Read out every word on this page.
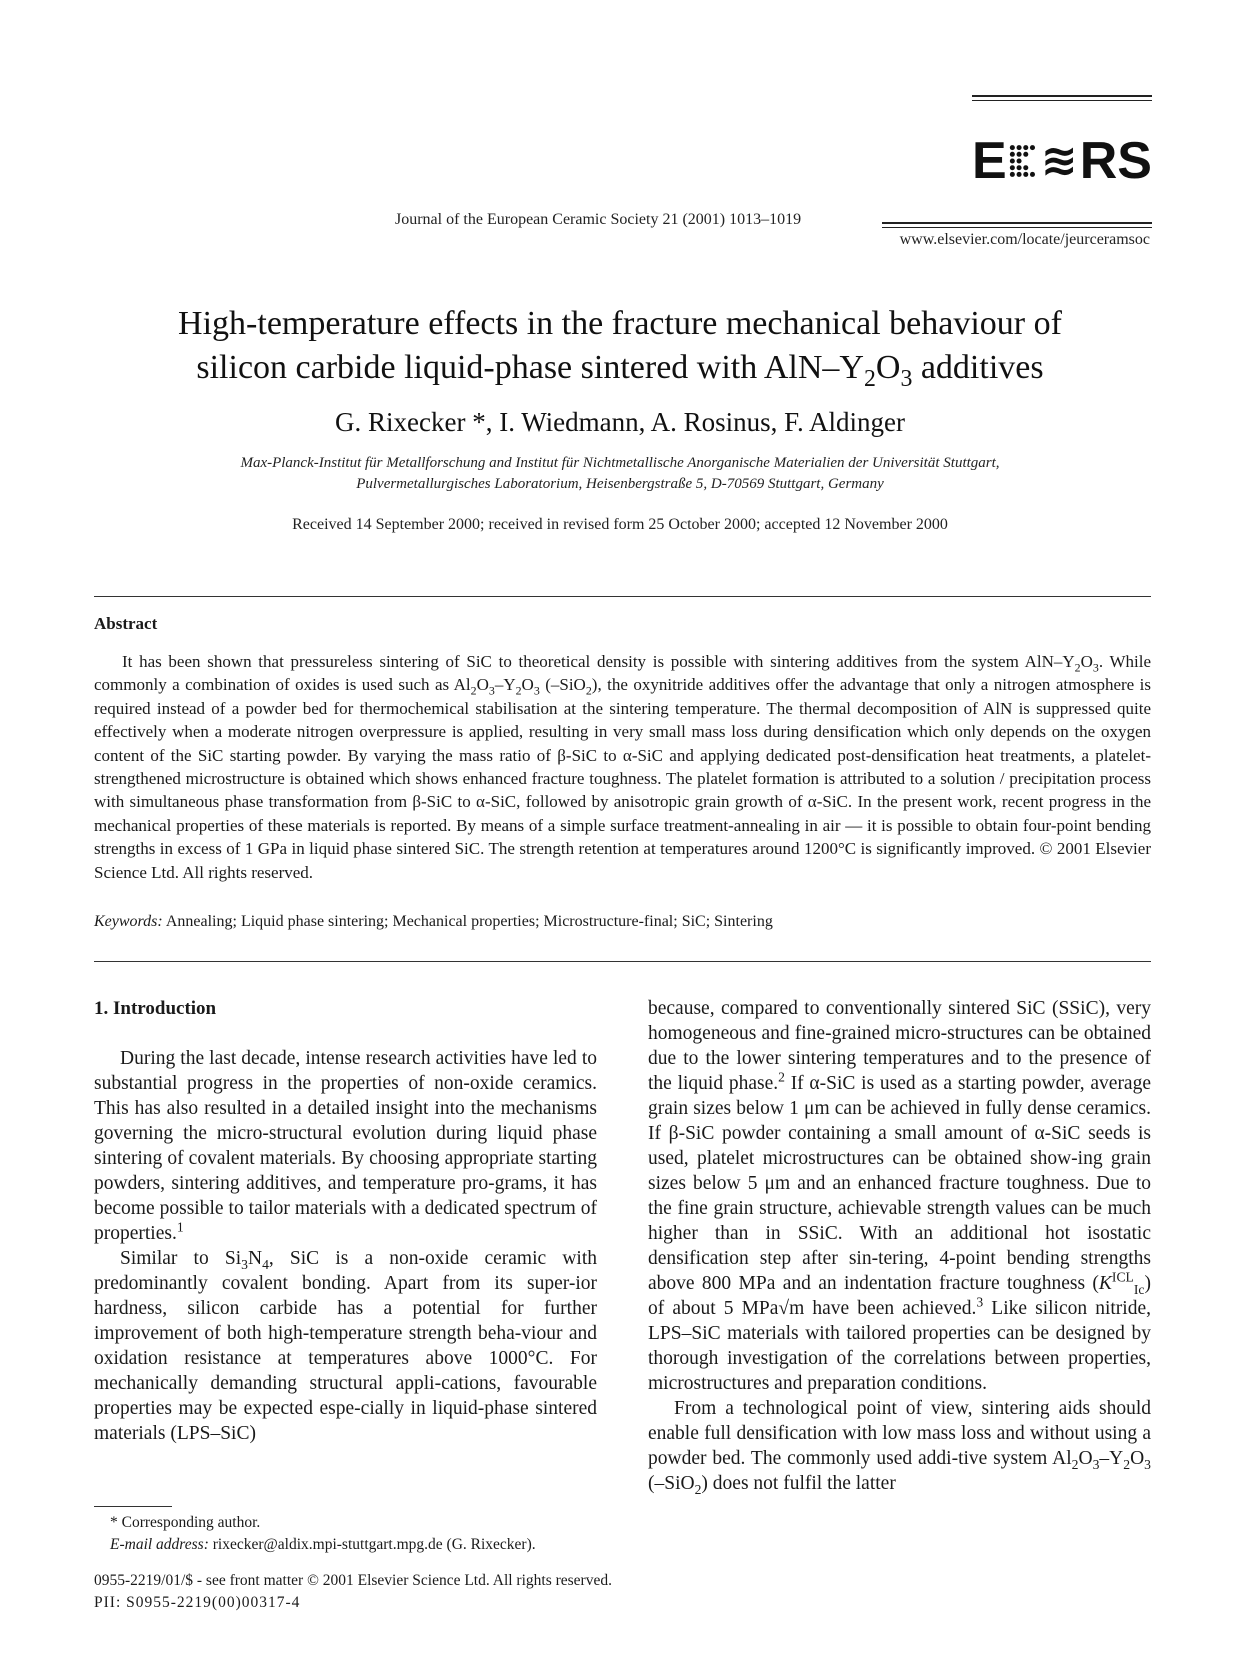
E ≋ RS
Journal of the European Ceramic Society 21 (2001) 1013–1019
www.elsevier.com/locate/jeurceramsoc
High-temperature effects in the fracture mechanical behaviour of
silicon carbide liquid-phase sintered with AlN–$Y_2O_3$ additives
G. Rixecker *, I. Wiedmann, A. Rosinus, F. Aldinger
Max-Planck-Institut für Metallforschung and Institut für Nichtmetallische Anorganische Materialien der Universität Stuttgart,
Pulvermetallurgisches Laboratorium, Heisenbergstraße 5, D-70569 Stuttgart, Germany
Received 14 September 2000; received in revised form 25 October 2000; accepted 12 November 2000
Abstract
It has been shown that pressureless sintering of SiC to theoretical density is possible with sintering additives from the system AlN–$Y_2O_3$. While commonly a combination of oxides is used such as $Al_2O_3-Y_2O_3$ (–SiO$_2$), the oxynitride additives offer the advantage that only a nitrogen atmosphere is required instead of a powder bed for thermochemical stabilisation at the sintering temperature. The thermal decomposition of AlN is suppressed quite effectively when a moderate nitrogen overpressure is applied, resulting in very small mass loss during densification which only depends on the oxygen content of the SiC starting powder. By varying the mass ratio of β-SiC to α-SiC and applying dedicated post-densification heat treatments, a platelet-strengthened microstructure is obtained which shows enhanced fracture toughness. The platelet formation is attributed to a solution / precipitation process with simultaneous phase transformation from β-SiC to α-SiC, followed by anisotropic grain growth of α-SiC. In the present work, recent progress in the mechanical properties of these materials is reported. By means of a simple surface treatment-annealing in air — it is possible to obtain four-point bending strengths in excess of 1 GPa in liquid phase sintered SiC. The strength retention at temperatures around 1200°C is significantly improved. © 2001 Elsevier Science Ltd. All rights reserved.
Keywords: Annealing; Liquid phase sintering; Mechanical properties; Microstructure-final; SiC; Sintering

1. Introduction

During the last decade, intense research activities have led to substantial progress in the properties of non-oxide ceramics. This has also resulted in a detailed insight into the mechanisms governing the micro-structural evolution during liquid phase sintering of covalent materials. By choosing appropriate starting powders, sintering additives, and temperature pro-grams, it has become possible to tailor materials with a dedicated spectrum of properties.$^1$

Similar to $Si_3N_4$, SiC is a non-oxide ceramic with predominantly covalent bonding. Apart from its super-ior hardness, silicon carbide has a potential for further improvement of both high-temperature strength beha-viour and oxidation resistance at temperatures above 1000°C. For mechanically demanding structural appli-cations, favourable properties may be expected espe-cially in liquid-phase sintered materials (LPS–SiC)

because, compared to conventionally sintered SiC (SSiC), very homogeneous and fine-grained micro-structures can be obtained due to the lower sintering temperatures and to the presence of the liquid phase.$^2$ If α-SiC is used as a starting powder, average grain sizes below 1 μm can be achieved in fully dense ceramics. If β-SiC powder containing a small amount of α-SiC seeds is used, platelet microstructures can be obtained show-ing grain sizes below 5 μm and an enhanced fracture toughness. Due to the fine grain structure, achievable strength values can be much higher than in SSiC. With an additional hot isostatic densification step after sin-tering, 4-point bending strengths above 800 MPa and an indentation fracture toughness $(K^{ICL}_{Ic})$ of about 5 MPa√m have been achieved.$^3$ Like silicon nitride, LPS–SiC materials with tailored properties can be designed by thorough investigation of the correlations between properties, microstructures and preparation conditions.

From a technological point of view, sintering aids should enable full densification with low mass loss and without using a powder bed. The commonly used addi-tive system $Al_2O_3-Y_2O_3$ (–SiO$_2$) does not fulfil the latter

* Corresponding author.
E-mail address: rixecker@aldix.mpi-stuttgart.mpg.de (G. Rixecker).
0955-2219/01/$ - see front matter © 2001 Elsevier Science Ltd. All rights reserved.
PII: S0955-2219(00)00317-4
